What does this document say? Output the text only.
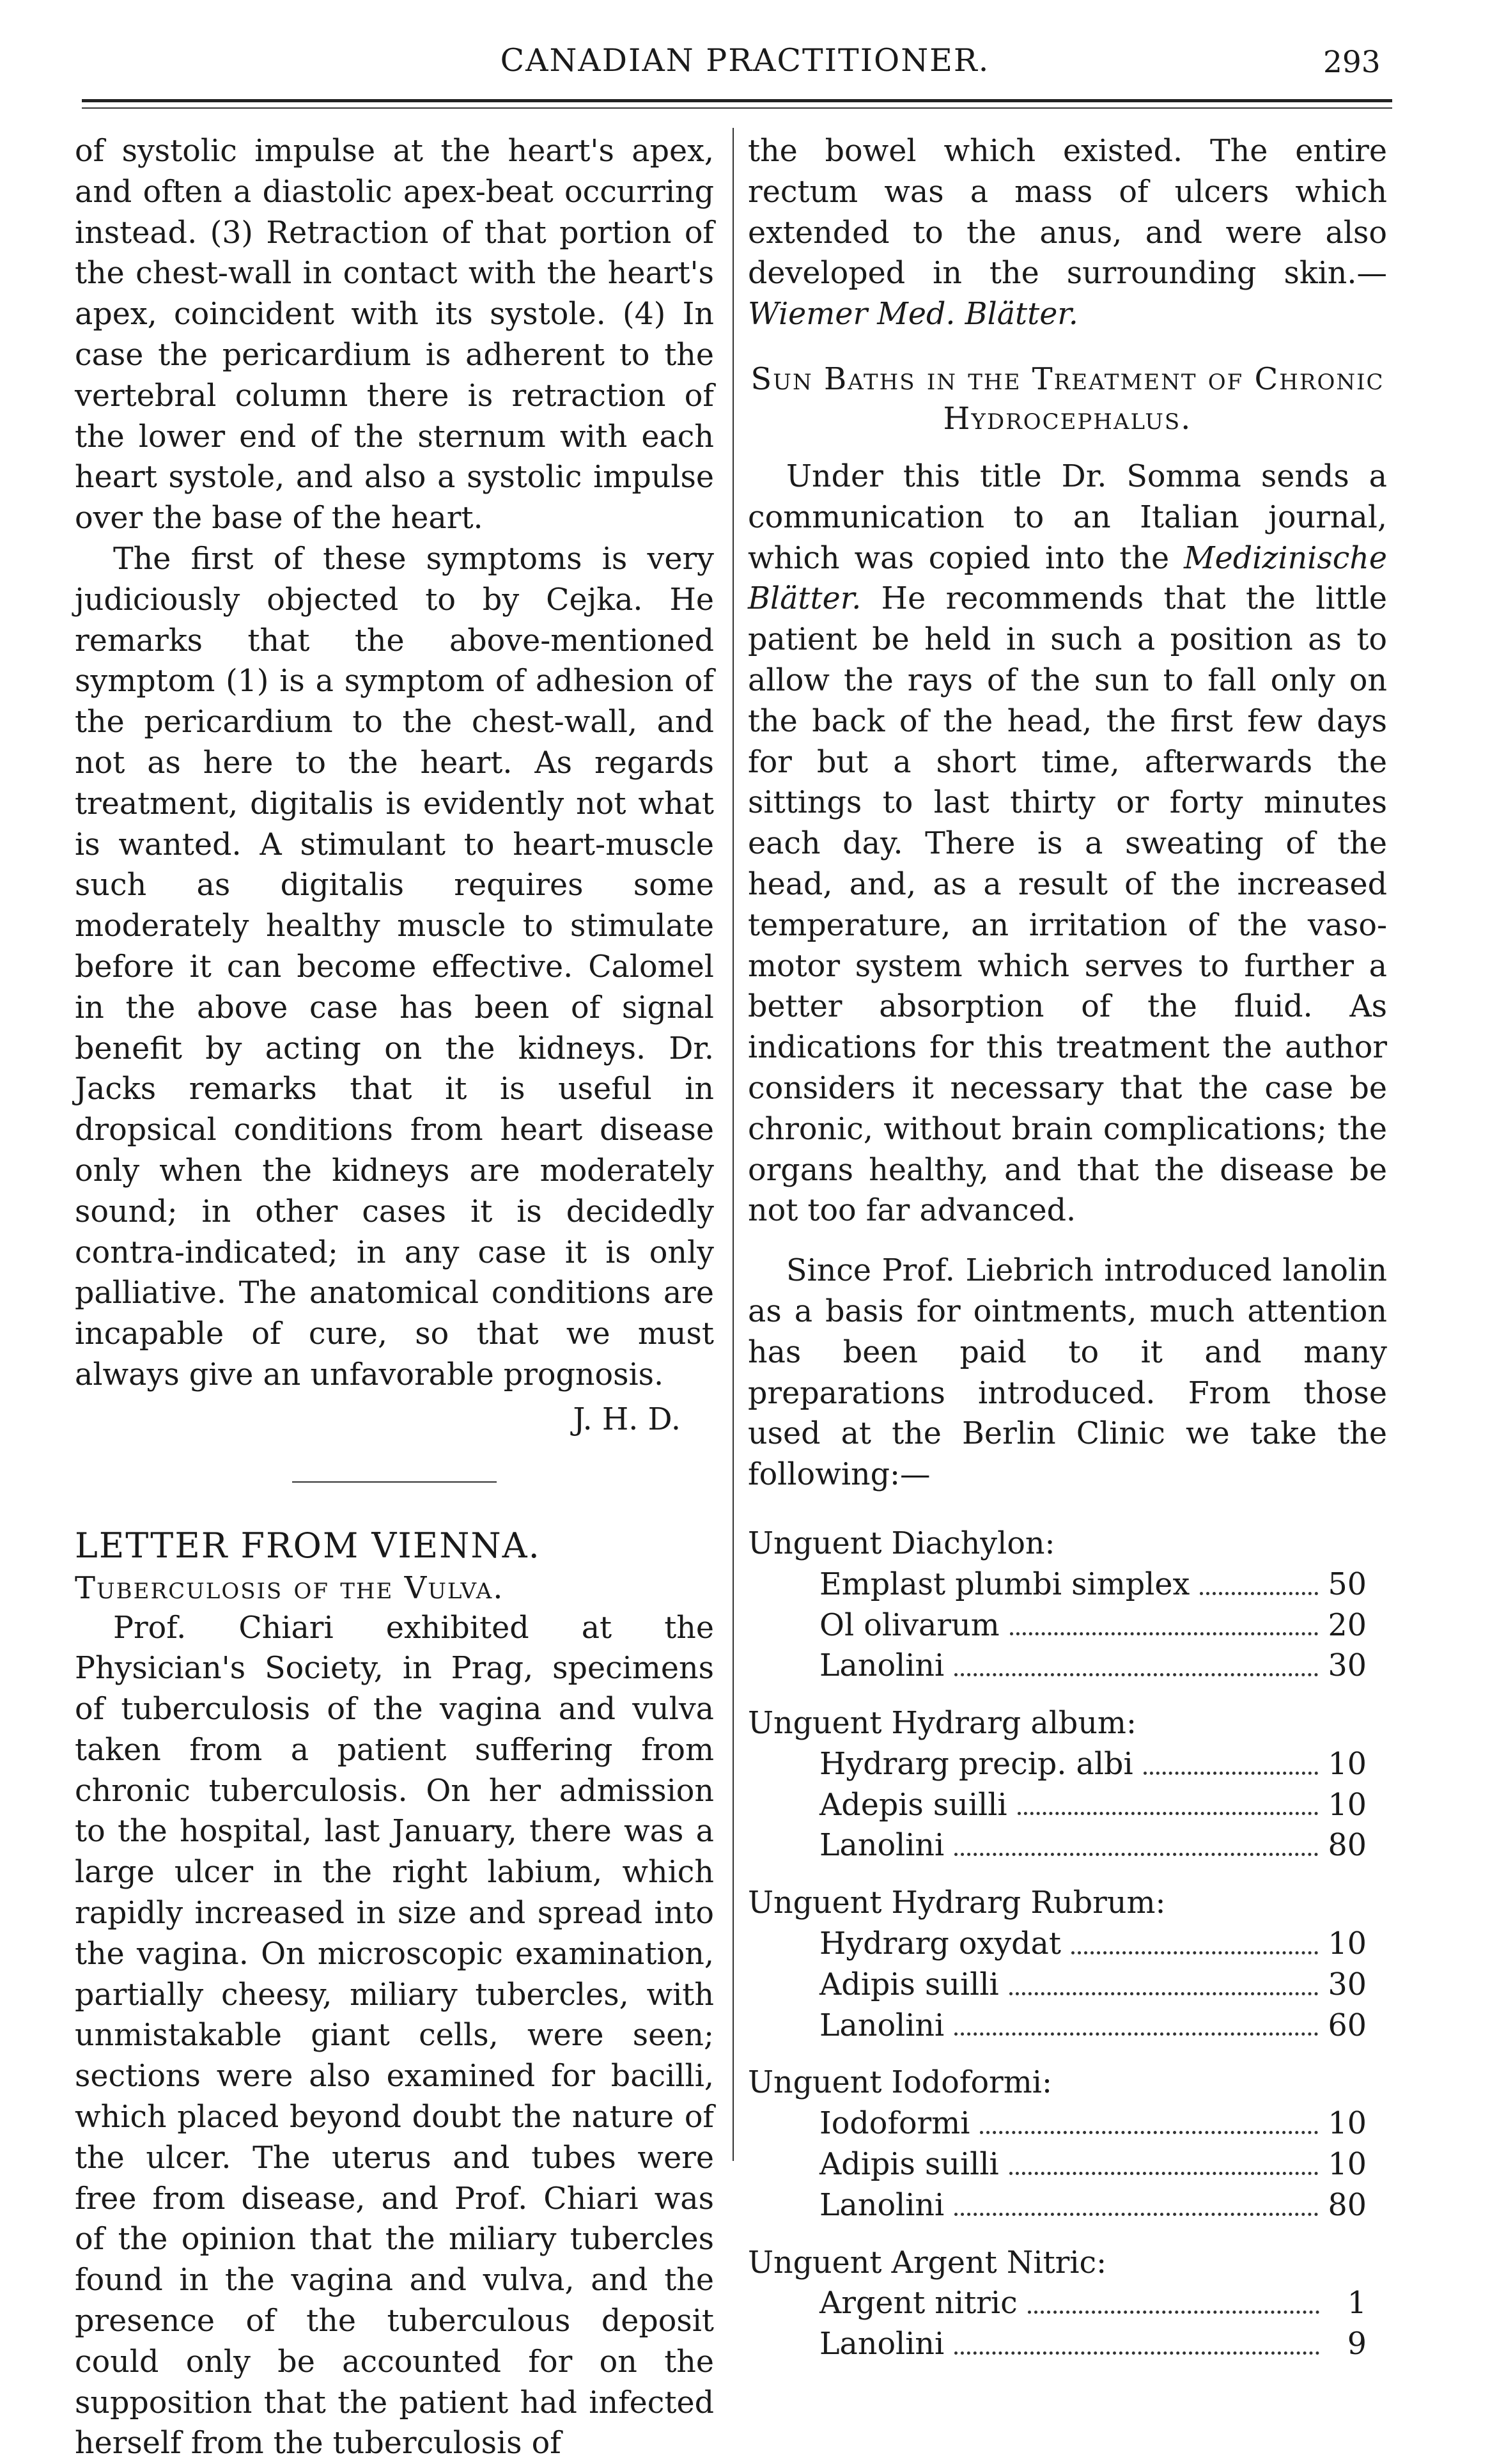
CANADIAN PRACTITIONER.	293

of systolic impulse at the heart's apex, and often a diastolic apex-beat occurring instead. (3) Retraction of that portion of the chest-wall in contact with the heart's apex, coincident with its systole. (4) In case the pericardium is adherent to the vertebral column there is retraction of the lower end of the sternum with each heart systole, and also a systolic impulse over the base of the heart.

The first of these symptoms is very judiciously objected to by Cejka. He remarks that the above-mentioned symptom (1) is a symptom of adhesion of the pericardium to the chest-wall, and not as here to the heart. As regards treatment, digitalis is evidently not what is wanted. A stimulant to heart-muscle such as digitalis requires some moderately healthy muscle to stimulate before it can become effective. Calomel in the above case has been of signal benefit by acting on the kidneys. Dr. Jacks remarks that it is useful in dropsical conditions from heart disease only when the kidneys are moderately sound; in other cases it is decidedly contra-indicated; in any case it is only palliative. The anatomical conditions are incapable of cure, so that we must always give an unfavorable prognosis.

J. H. D.

LETTER FROM VIENNA.

Tuberculosis of the Vulva.

Prof. Chiari exhibited at the Physician's Society, in Prag, specimens of tuberculosis of the vagina and vulva taken from a patient suffering from chronic tuberculosis. On her admission to the hospital, last January, there was a large ulcer in the right labium, which rapidly increased in size and spread into the vagina. On microscopic examination, partially cheesy, miliary tubercles, with unmistakable giant cells, were seen; sections were also examined for bacilli, which placed beyond doubt the nature of the ulcer. The uterus and tubes were free from disease, and Prof. Chiari was of the opinion that the miliary tubercles found in the vagina and vulva, and the presence of the tuberculous deposit could only be accounted for on the supposition that the patient had infected herself from the tuberculosis of

the bowel which existed. The entire rectum was a mass of ulcers which extended to the anus, and were also developed in the surrounding skin.—Wiemer Med. Blätter.

Sun Baths in the Treatment of Chronic
Hydrocephalus.

Under this title Dr. Somma sends a communication to an Italian journal, which was copied into the Medizinische Blätter. He recommends that the little patient be held in such a position as to allow the rays of the sun to fall only on the back of the head, the first few days for but a short time, afterwards the sittings to last thirty or forty minutes each day. There is a sweating of the head, and, as a result of the increased temperature, an irritation of the vaso-motor system which serves to further a better absorption of the fluid. As indications for this treatment the author considers it necessary that the case be chronic, without brain complications; the organs healthy, and that the disease be not too far advanced.

Since Prof. Liebrich introduced lanolin as a basis for ointments, much attention has been paid to it and many preparations introduced. From those used at the Berlin Clinic we take the following:—

Unguent Diachylon:

Emplast plumbi simplex	50
Ol olivarum	20
Lanolini	30

Unguent Hydrarg album:

Hydrarg precip. albi	10
Adepis suilli	10
Lanolini	80

Unguent Hydrarg Rubrum:

Hydrarg oxydat	10
Adipis suilli	30
Lanolini	60

Unguent Iodoformi:

Iodoformi	10
Adipis suilli	10
Lanolini	80

Unguent Argent Nitric:

Argent nitric	1
Lanolini	9
